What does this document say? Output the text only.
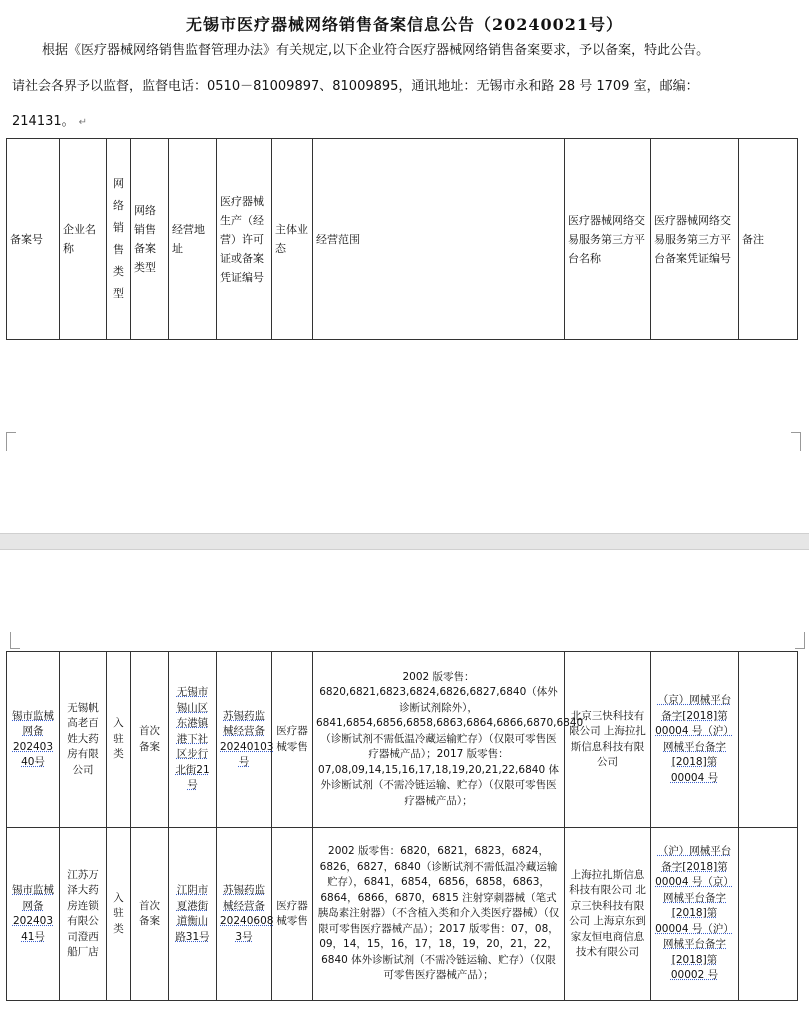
无锡市医疗器械网络销售备案信息公告（20240021号）
根据《医疗器械网络销售监督管理办法》有关规定,以下企业符合医疗器械网络销售备案要求，予以备案，特此公告。
请社会各界予以监督，监督电话：0510－81009897、81009895，通讯地址：无锡市永和路 28 号 1709 室，邮编：
214131。 ↵
备案号	企业名称	网络销售类型	网络销售备案类型	经营地址	医疗器械生产（经营）许可证或备案凭证编号	主体业态	经营范围	医疗器械网络交易服务第三方平台名称	医疗器械网络交易服务第三方平台备案凭证编号	备注
锡市监械网备202403 40号	无锡帆高老百姓大药房有限公司	入驻类	首次备案	无锡市锡山区东港镇港下社区步行北街21号	苏锡药监械经营备20240103号	医疗器械零售	2002 版零售：6820,6821,6823,6824,6826,6827,6840（体外诊断试剂除外），6841,6854,6856,6858,6863,6864,6866,6870,6840（诊断试剂不需低温冷藏运输贮存）（仅限可零售医疗器械产品）；2017 版零售：07,08,09,14,15,16,17,18,19,20,21,22,6840 体外诊断试剂（不需冷链运输、贮存）（仅限可零售医疗器械产品）；	北京三快科技有限公司 上海拉扎斯信息科技有限公司	（京）网械平台备字[2018]第 00004 号（沪）网械平台备字[2018]第 00004 号	
锡市监械网备202403 41号	江苏万泽大药房连锁有限公司澄西船厂店	入驻类	首次备案	江阴市夏港街道衡山路31号	苏锡药监械经营备20240608 3号	医疗器械零售	2002 版零售：6820，6821，6823，6824，6826，6827，6840（诊断试剂不需低温冷藏运输贮存），6841，6854，6856，6858，6863，6864，6866，6870，6815 注射穿刺器械（笔式胰岛素注射器）（不含植入类和介入类医疗器械）（仅限可零售医疗器械产品）；2017 版零售：07，08，09，14，15，16，17，18，19，20，21，22，6840 体外诊断试剂（不需冷链运输、贮存）（仅限可零售医疗器械产品）；	上海拉扎斯信息科技有限公司 北京三快科技有限公司 上海京东到家友恒电商信息技术有限公司	（沪）网械平台备字[2018]第 00004 号（京）网械平台备字[2018]第 00004 号（沪）网械平台备字[2018]第 00002 号	
